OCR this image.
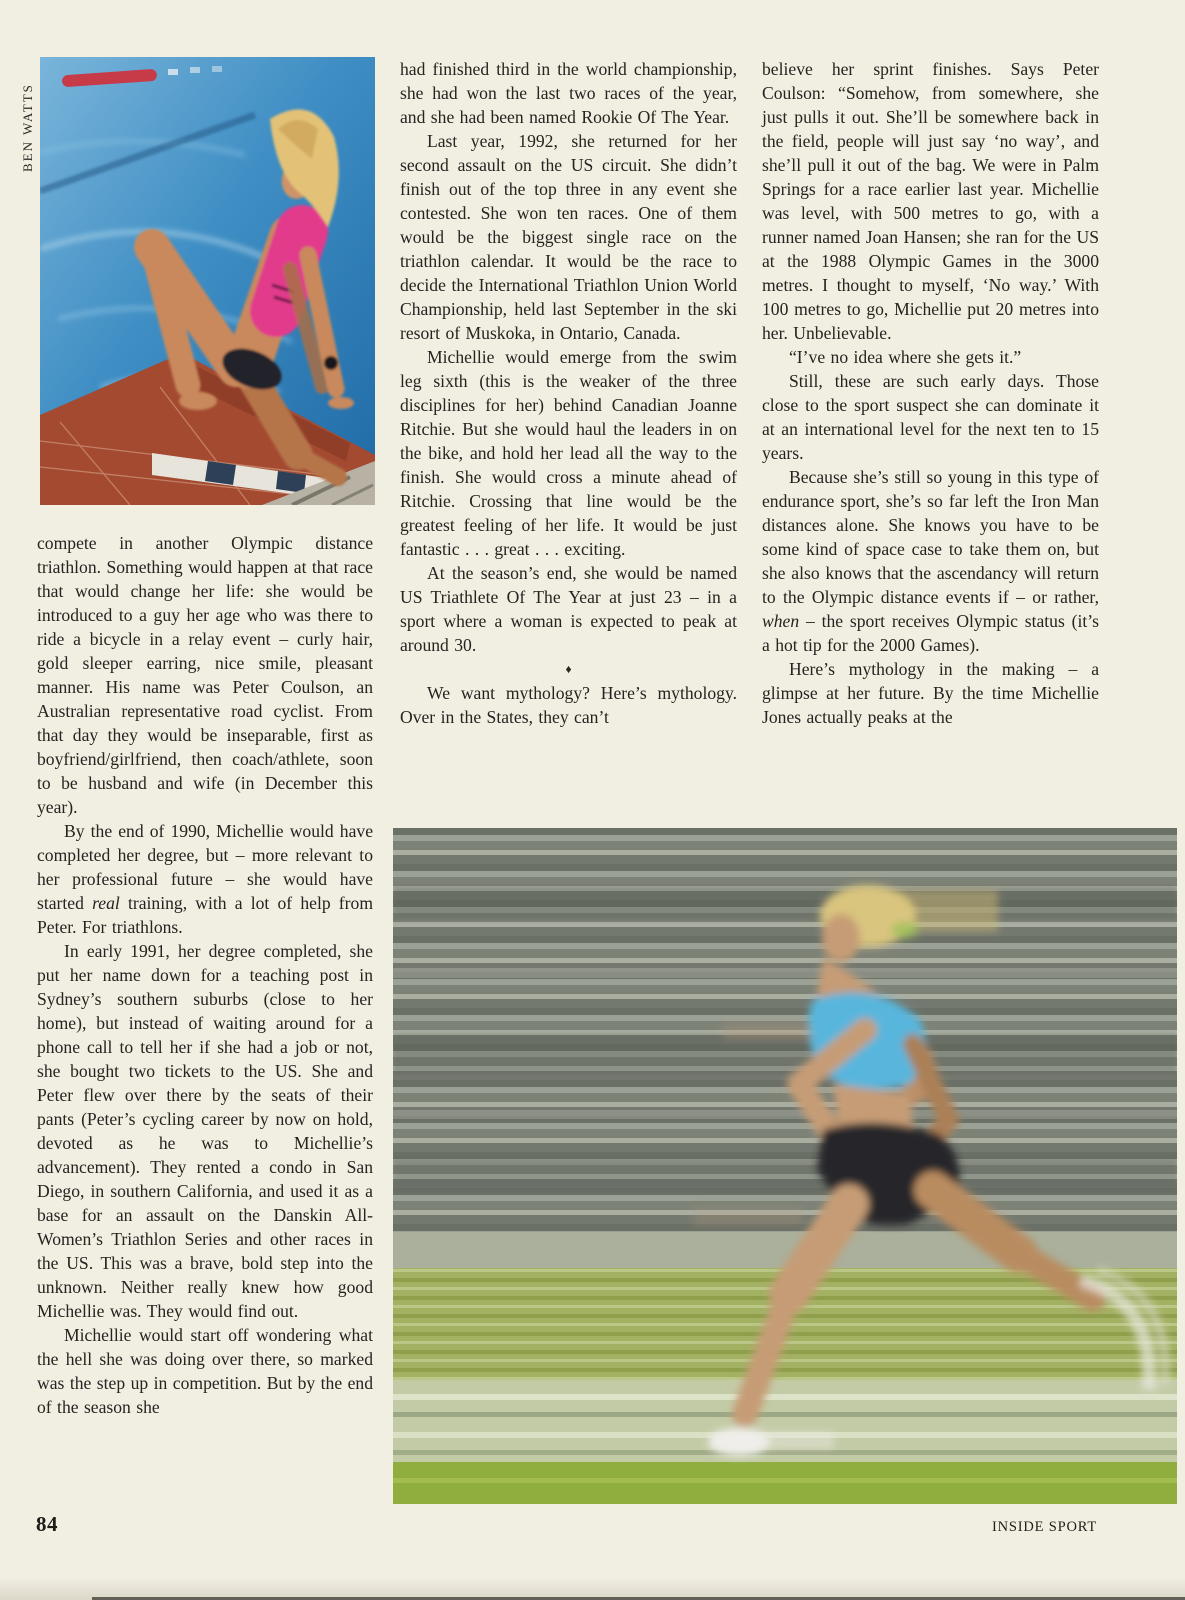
BEN WATTS

compete in another Olympic distance triathlon. Something would happen at that race that would change her life: she would be introduced to a guy her age who was there to ride a bicycle in a relay event – curly hair, gold sleeper earring, nice smile, pleasant manner. His name was Peter Coulson, an Australian representative road cyclist. From that day they would be inseparable, first as boyfriend/girlfriend, then coach/athlete, soon to be husband and wife (in December this year).

By the end of 1990, Michellie would have completed her degree, but – more relevant to her professional future – she would have started real training, with a lot of help from Peter. For triathlons.

In early 1991, her degree completed, she put her name down for a teaching post in Sydney’s southern suburbs (close to her home), but instead of waiting around for a phone call to tell her if she had a job or not, she bought two tickets to the US. She and Peter flew over there by the seats of their pants (Peter’s cycling career by now on hold, devoted as he was to Michellie’s advancement). They rented a condo in San Diego, in southern California, and used it as a base for an assault on the Danskin All-Women’s Triathlon Series and other races in the US. This was a brave, bold step into the unknown. Neither really knew how good Michellie was. They would find out.

Michellie would start off wondering what the hell she was doing over there, so marked was the step up in competition. But by the end of the season she

had finished third in the world championship, she had won the last two races of the year, and she had been named Rookie Of The Year.

Last year, 1992, she returned for her second assault on the US circuit. She didn’t finish out of the top three in any event she contested. She won ten races. One of them would be the biggest single race on the triathlon calendar. It would be the race to decide the International Triathlon Union World Championship, held last September in the ski resort of Muskoka, in Ontario, Canada.

Michellie would emerge from the swim leg sixth (this is the weaker of the three disciplines for her) behind Canadian Joanne Ritchie. But she would haul the leaders in on the bike, and hold her lead all the way to the finish. She would cross a minute ahead of Ritchie. Crossing that line would be the greatest feeling of her life. It would be just fantastic . . . great . . . exciting.

At the season’s end, she would be named US Triathlete Of The Year at just 23 – in a sport where a woman is expected to peak at around 30.

♦

We want mythology? Here’s mythology. Over in the States, they can’t

believe her sprint finishes. Says Peter Coulson: “Somehow, from somewhere, she just pulls it out. She’ll be somewhere back in the field, people will just say ‘no way’, and she’ll pull it out of the bag. We were in Palm Springs for a race earlier last year. Michellie was level, with 500 metres to go, with a runner named Joan Hansen; she ran for the US at the 1988 Olympic Games in the 3000 metres. I thought to myself, ‘No way.’ With 100 metres to go, Michellie put 20 metres into her. Unbelievable.

“I’ve no idea where she gets it.”

Still, these are such early days. Those close to the sport suspect she can dominate it at an international level for the next ten to 15 years.

Because she’s still so young in this type of endurance sport, she’s so far left the Iron Man distances alone. She knows you have to be some kind of space case to take them on, but she also knows that the ascendancy will return to the Olympic distance events if – or rather, when – the sport receives Olympic status (it’s a hot tip for the 2000 Games).

Here’s mythology in the making – a glimpse at her future. By the time Michellie Jones actually peaks at the

84	INSIDE SPORT
